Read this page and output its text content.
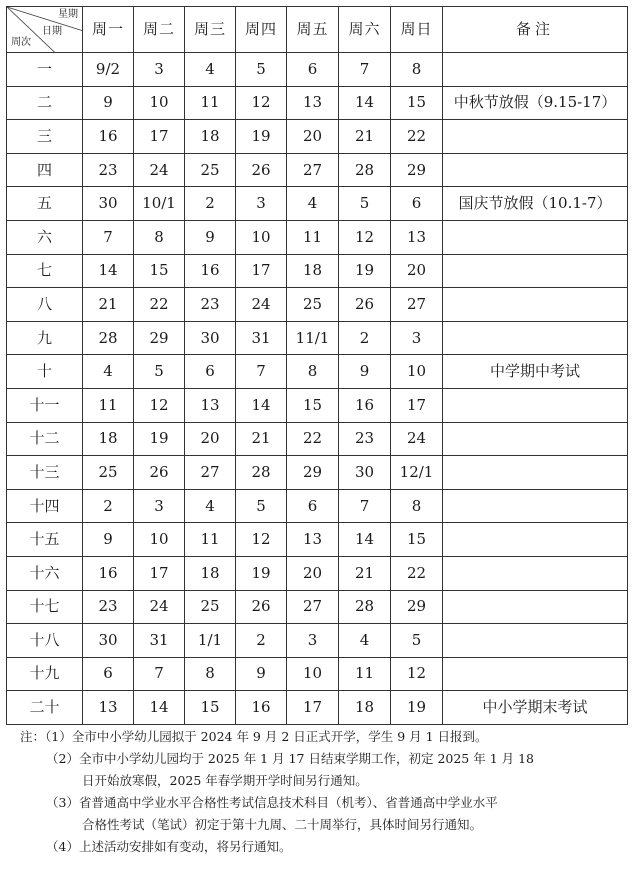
星期
日期
周次	周一	周二	周三	周四	周五	周六	周日	备注
一	9/2	3	4	5	6	7	8	
二	9	10	11	12	13	14	15	中秋节放假（9.15-17）
三	16	17	18	19	20	21	22	
四	23	24	25	26	27	28	29	
五	30	10/1	2	3	4	5	6	国庆节放假（10.1-7）
六	7	8	9	10	11	12	13	
七	14	15	16	17	18	19	20	
八	21	22	23	24	25	26	27	
九	28	29	30	31	11/1	2	3	
十	4	5	6	7	8	9	10	中学期中考试
十一	11	12	13	14	15	16	17	
十二	18	19	20	21	22	23	24	
十三	25	26	27	28	29	30	12/1	
十四	2	3	4	5	6	7	8	
十五	9	10	11	12	13	14	15	
十六	16	17	18	19	20	21	22	
十七	23	24	25	26	27	28	29	
十八	30	31	1/1	2	3	4	5	
十九	6	7	8	9	10	11	12	
二十	13	14	15	16	17	18	19	中小学期末考试
注：（1）全市中小学幼儿园拟于 2024 年 9 月 2 日正式开学，学生 9 月 1 日报到。
（2）全市中小学幼儿园均于 2025 年 1 月 17 日结束学期工作，初定 2025 年 1 月 18
日开始放寒假，2025 年春学期开学时间另行通知。
（3）省普通高中学业水平合格性考试信息技术科目（机考）、省普通高中学业水平
合格性考试（笔试）初定于第十九周、二十周举行，具体时间另行通知。
（4）上述活动安排如有变动，将另行通知。
